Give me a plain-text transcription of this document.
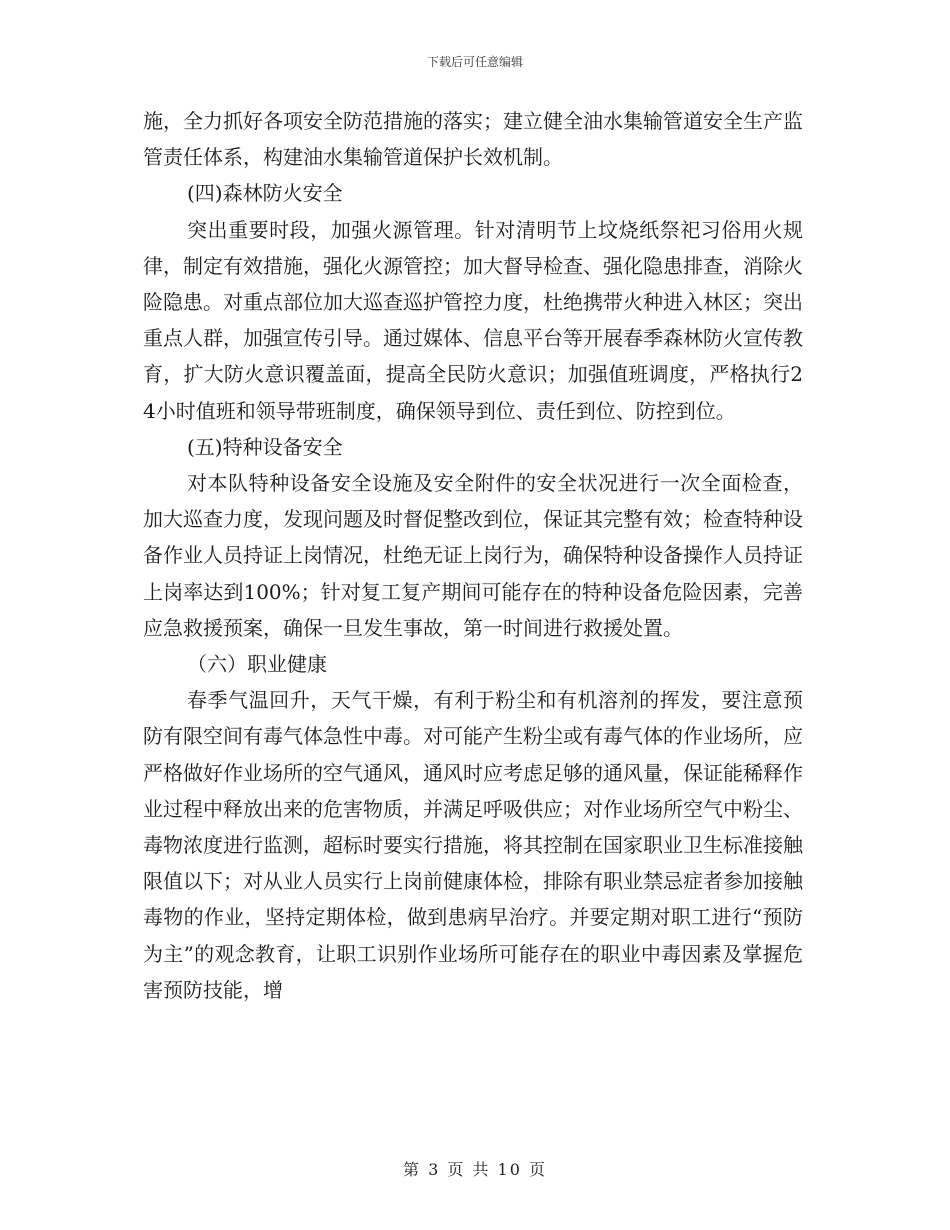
下载后可任意编辑

施，全力抓好各项安全防范措施的落实；建立健全油水集输管道安全生产监管责任体系，构建油水集输管道保护长效机制。

(四)森林防火安全

突出重要时段，加强火源管理。针对清明节上坟烧纸祭祀习俗用火规律，制定有效措施，强化火源管控；加大督导检查、强化隐患排查，消除火险隐患。对重点部位加大巡查巡护管控力度，杜绝携带火种进入林区；突出重点人群，加强宣传引导。通过媒体、信息平台等开展春季森林防火宣传教育，扩大防火意识覆盖面，提高全民防火意识；加强值班调度，严格执行24小时值班和领导带班制度，确保领导到位、责任到位、防控到位。

(五)特种设备安全

对本队特种设备安全设施及安全附件的安全状况进行一次全面检查，加大巡查力度，发现问题及时督促整改到位，保证其完整有效；检查特种设备作业人员持证上岗情况，杜绝无证上岗行为，确保特种设备操作人员持证上岗率达到100%；针对复工复产期间可能存在的特种设备危险因素，完善应急救援预案，确保一旦发生事故，第一时间进行救援处置。

（六）职业健康

春季气温回升，天气干燥，有利于粉尘和有机溶剂的挥发，要注意预防有限空间有毒气体急性中毒。对可能产生粉尘或有毒气体的作业场所，应严格做好作业场所的空气通风，通风时应考虑足够的通风量，保证能稀释作业过程中释放出来的危害物质，并满足呼吸供应；对作业场所空气中粉尘、毒物浓度进行监测，超标时要实行措施，将其控制在国家职业卫生标准接触限值以下；对从业人员实行上岗前健康体检，排除有职业禁忌症者参加接触毒物的作业，坚持定期体检，做到患病早治疗。并要定期对职工进行“预防为主”的观念教育，让职工识别作业场所可能存在的职业中毒因素及掌握危害预防技能，增

第 3 页 共 10 页
